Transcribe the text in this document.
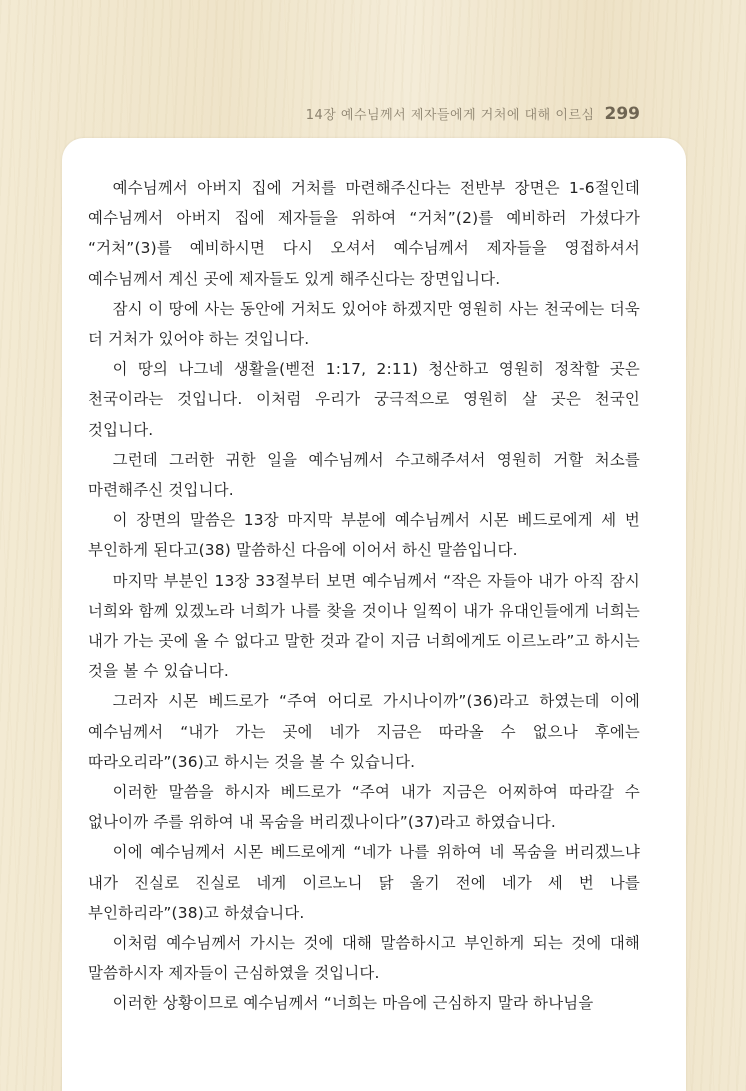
14장 예수님께서 제자들에게 거처에 대해 이르심 299

예수님께서 아버지 집에 거처를 마련해주신다는 전반부 장면은 1-6절인데 예수님께서 아버지 집에 제자들을 위하여 “거처”(2)를 예비하러 가셨다가 “거처”(3)를 예비하시면 다시 오셔서 예수님께서 제자들을 영접하셔서 예수님께서 계신 곳에 제자들도 있게 해주신다는 장면입니다.

잠시 이 땅에 사는 동안에 거처도 있어야 하겠지만 영원히 사는 천국에는 더욱 더 거처가 있어야 하는 것입니다.

이 땅의 나그네 생활을(벧전 1:17, 2:11) 청산하고 영원히 정착할 곳은 천국이라는 것입니다. 이처럼 우리가 궁극적으로 영원히 살 곳은 천국인 것입니다.

그런데 그러한 귀한 일을 예수님께서 수고해주셔서 영원히 거할 처소를 마련해주신 것입니다.

이 장면의 말씀은 13장 마지막 부분에 예수님께서 시몬 베드로에게 세 번 부인하게 된다고(38) 말씀하신 다음에 이어서 하신 말씀입니다.

마지막 부분인 13장 33절부터 보면 예수님께서 “작은 자들아 내가 아직 잠시 너희와 함께 있겠노라 너희가 나를 찾을 것이나 일찍이 내가 유대인들에게 너희는 내가 가는 곳에 올 수 없다고 말한 것과 같이 지금 너희에게도 이르노라”고 하시는 것을 볼 수 있습니다.

그러자 시몬 베드로가 “주여 어디로 가시나이까”(36)라고 하였는데 이에 예수님께서 “내가 가는 곳에 네가 지금은 따라올 수 없으나 후에는 따라오리라”(36)고 하시는 것을 볼 수 있습니다.

이러한 말씀을 하시자 베드로가 “주여 내가 지금은 어찌하여 따라갈 수 없나이까 주를 위하여 내 목숨을 버리겠나이다”(37)라고 하였습니다.

이에 예수님께서 시몬 베드로에게 “네가 나를 위하여 네 목숨을 버리겠느냐 내가 진실로 진실로 네게 이르노니 닭 울기 전에 네가 세 번 나를 부인하리라”(38)고 하셨습니다.

이처럼 예수님께서 가시는 것에 대해 말씀하시고 부인하게 되는 것에 대해 말씀하시자 제자들이 근심하였을 것입니다.

이러한 상황이므로 예수님께서 “너희는 마음에 근심하지 말라 하나님을
